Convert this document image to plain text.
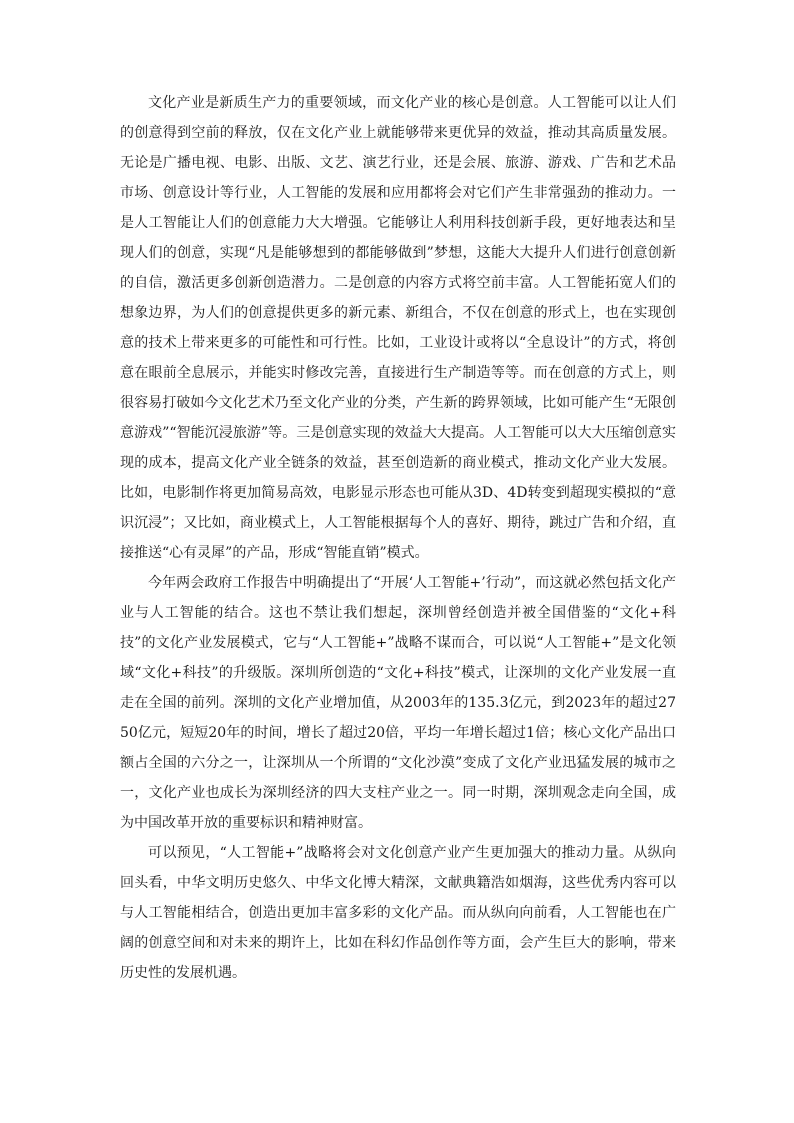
文化产业是新质生产力的重要领域，而文化产业的核心是创意。人工智能可以让人们的创意得到空前的释放，仅在文化产业上就能够带来更优异的效益，推动其高质量发展。无论是广播电视、电影、出版、文艺、演艺行业，还是会展、旅游、游戏、广告和艺术品市场、创意设计等行业，人工智能的发展和应用都将会对它们产生非常强劲的推动力。一是人工智能让人们的创意能力大大增强。它能够让人利用科技创新手段，更好地表达和呈现人们的创意，实现“凡是能够想到的都能够做到”梦想，这能大大提升人们进行创意创新的自信，激活更多创新创造潜力。二是创意的内容方式将空前丰富。人工智能拓宽人们的想象边界，为人们的创意提供更多的新元素、新组合，不仅在创意的形式上，也在实现创意的技术上带来更多的可能性和可行性。比如，工业设计或将以“全息设计”的方式，将创意在眼前全息展示，并能实时修改完善，直接进行生产制造等等。而在创意的方式上，则很容易打破如今文化艺术乃至文化产业的分类，产生新的跨界领域，比如可能产生“无限创意游戏”“智能沉浸旅游”等。三是创意实现的效益大大提高。人工智能可以大大压缩创意实现的成本，提高文化产业全链条的效益，甚至创造新的商业模式，推动文化产业大发展。比如，电影制作将更加简易高效，电影显示形态也可能从3D、4D转变到超现实模拟的“意识沉浸”；又比如，商业模式上，人工智能根据每个人的喜好、期待，跳过广告和介绍，直接推送“心有灵犀”的产品，形成“智能直销”模式。

今年两会政府工作报告中明确提出了“开展‘人工智能+’行动”，而这就必然包括文化产业与人工智能的结合。这也不禁让我们想起，深圳曾经创造并被全国借鉴的“文化+科技”的文化产业发展模式，它与“人工智能+”战略不谋而合，可以说“人工智能+”是文化领域“文化+科技”的升级版。深圳所创造的“文化+科技”模式，让深圳的文化产业发展一直走在全国的前列。深圳的文化产业增加值，从2003年的135.3亿元，到2023年的超过2750亿元，短短20年的时间，增长了超过20倍，平均一年增长超过1倍；核心文化产品出口额占全国的六分之一，让深圳从一个所谓的“文化沙漠”变成了文化产业迅猛发展的城市之一，文化产业也成长为深圳经济的四大支柱产业之一。同一时期，深圳观念走向全国，成为中国改革开放的重要标识和精神财富。

可以预见，“人工智能+”战略将会对文化创意产业产生更加强大的推动力量。从纵向回头看，中华文明历史悠久、中华文化博大精深，文献典籍浩如烟海，这些优秀内容可以与人工智能相结合，创造出更加丰富多彩的文化产品。而从纵向向前看，人工智能也在广阔的创意空间和对未来的期许上，比如在科幻作品创作等方面，会产生巨大的影响，带来历史性的发展机遇。
